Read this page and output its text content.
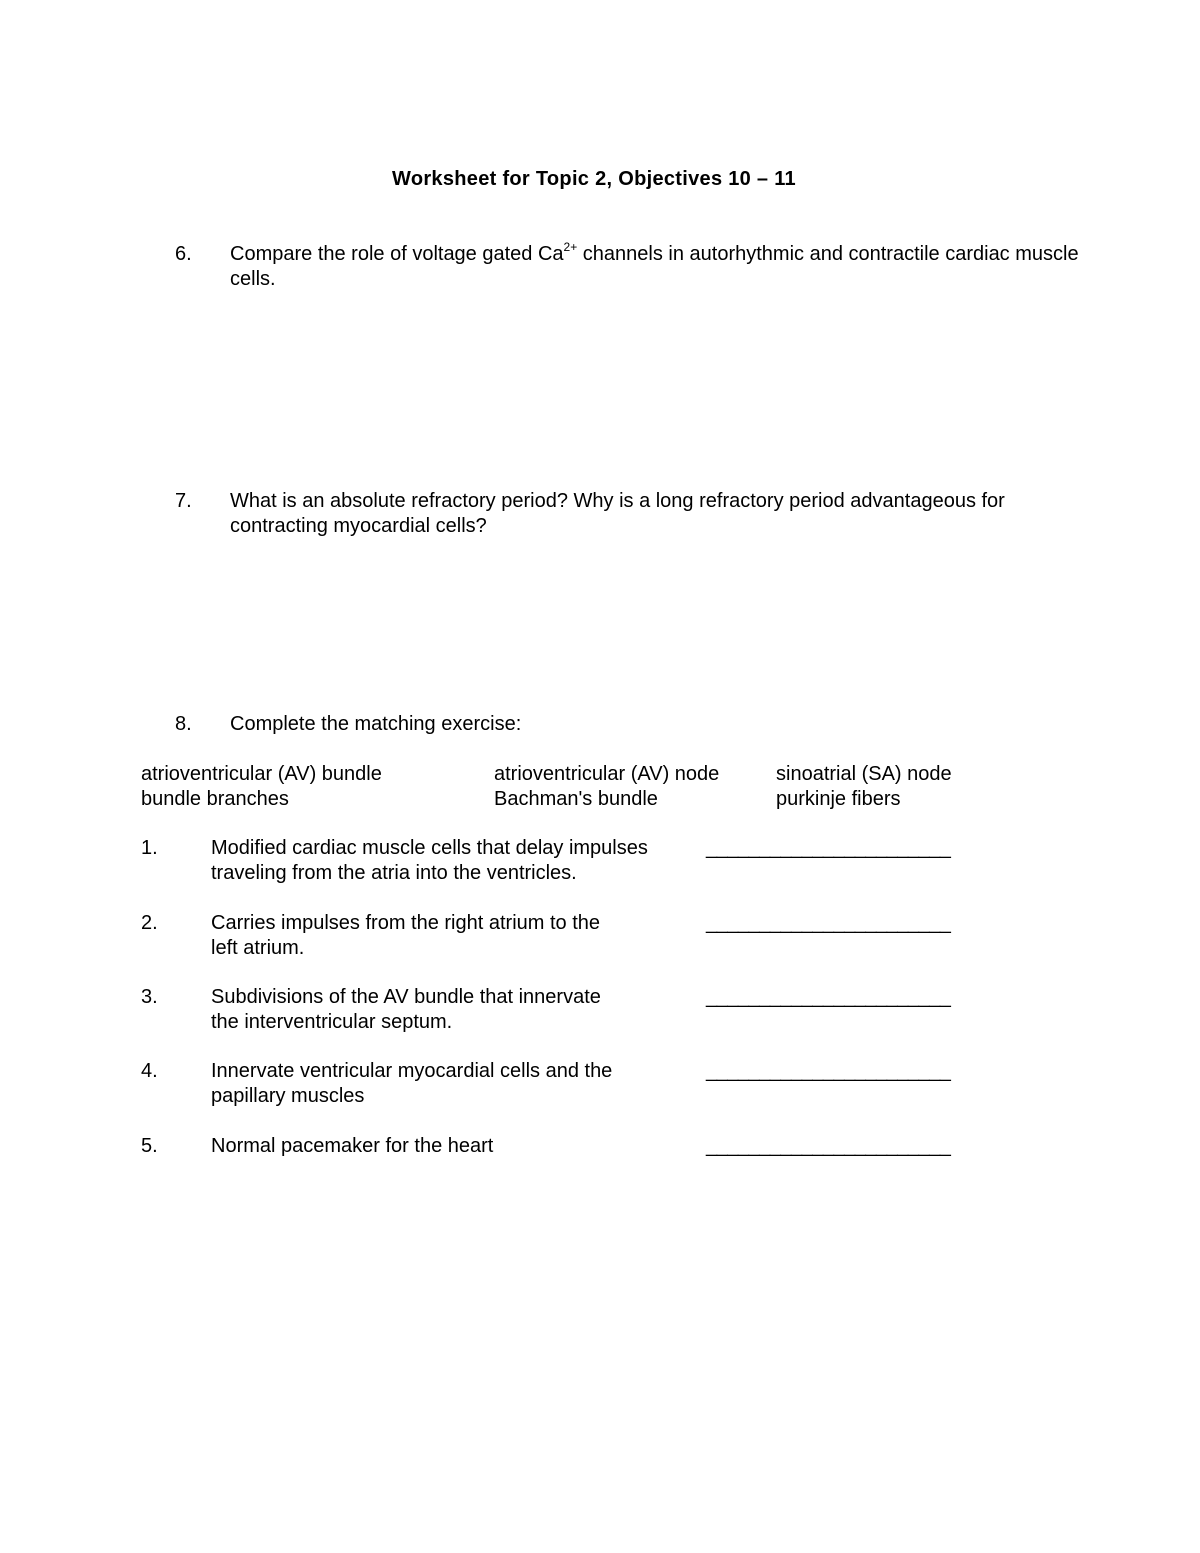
Worksheet for Topic 2, Objectives 10 – 11
6. Compare the role of voltage gated $Ca^{2+}$ channels in autorhythmic and contractile cardiac muscle cells.
7. What is an absolute refractory period? Why is a long refractory period advantageous for contracting myocardial cells?
8. Complete the matching exercise:
atrioventricular (AV) bundle	atrioventricular (AV) node	sinoatrial (SA) node
bundle branches	Bachman's bundle	purkinje fibers
1.	Modified cardiac muscle cells that delay impulses
traveling from the atria into the ventricles.
_______________________
2.	Carries impulses from the right atrium to the
left atrium.
_______________________
3.	Subdivisions of the AV bundle that innervate
the interventricular septum.
_______________________
4.	Innervate ventricular myocardial cells and the
papillary muscles
_______________________
5.	Normal pacemaker for the heart	_______________________
